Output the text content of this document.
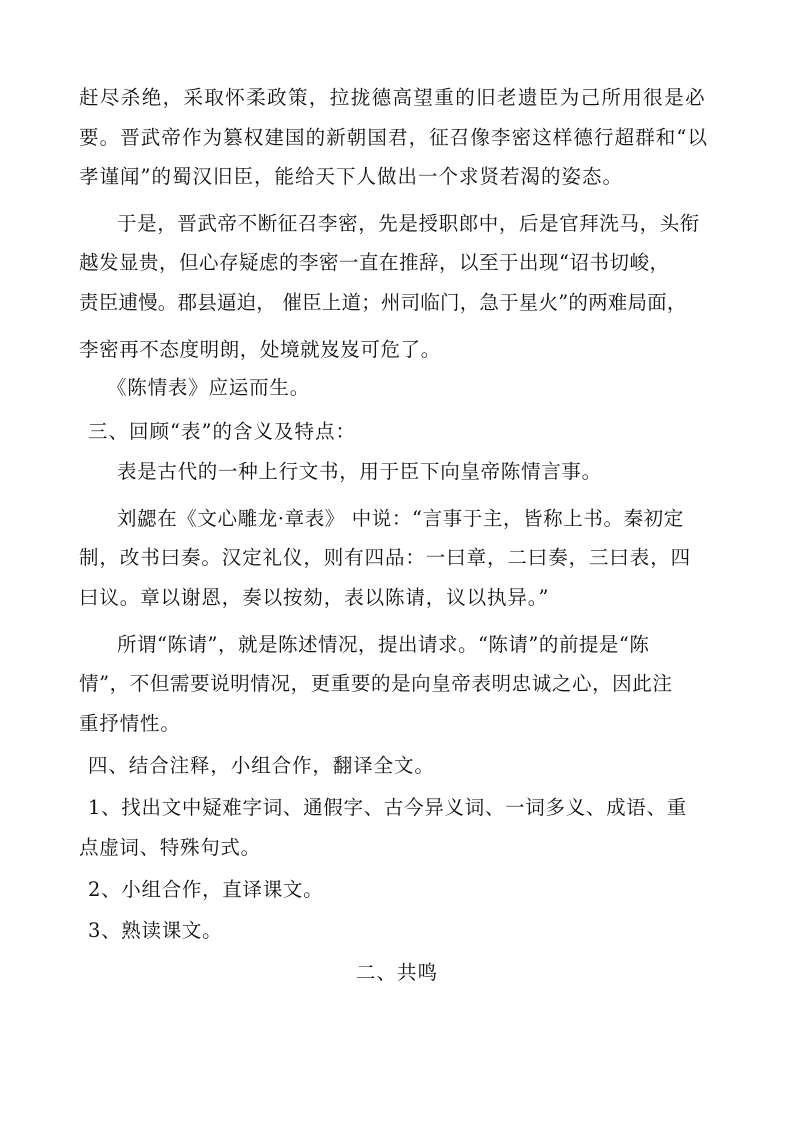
赶尽杀绝，采取怀柔政策，拉拢德高望重的旧老遗臣为己所用很是必
要。晋武帝作为篡权建国的新朝国君，征召像李密这样德行超群和“以
孝谨闻”的蜀汉旧臣，能给天下人做出一个求贤若渴的姿态。
于是，晋武帝不断征召李密，先是授职郎中，后是官拜洗马，头衔
越发显贵，但心存疑虑的李密一直在推辞，以至于出现“诏书切峻，
责臣逋慢。郡县逼迫， 催臣上道；州司临门，急于星火”的两难局面，
李密再不态度明朗，处境就岌岌可危了。
《陈情表》应运而生。
三、回顾“表”的含义及特点：
表是古代的一种上行文书，用于臣下向皇帝陈情言事。
刘勰在《文心雕龙·章表》 中说：“言事于主，皆称上书。秦初定
制，改书曰奏。汉定礼仪，则有四品：一曰章，二曰奏，三曰表，四
曰议。章以谢恩，奏以按劾，表以陈请，议以执异。”
所谓“陈请”，就是陈述情况，提出请求。“陈请”的前提是“陈
情”，不但需要说明情况，更重要的是向皇帝表明忠诚之心，因此注
重抒情性。
四、结合注释，小组合作，翻译全文。
1、找出文中疑难字词、通假字、古今异义词、一词多义、成语、重
点虚词、特殊句式。
2、小组合作，直译课文。
3、熟读课文。
二、共鸣
